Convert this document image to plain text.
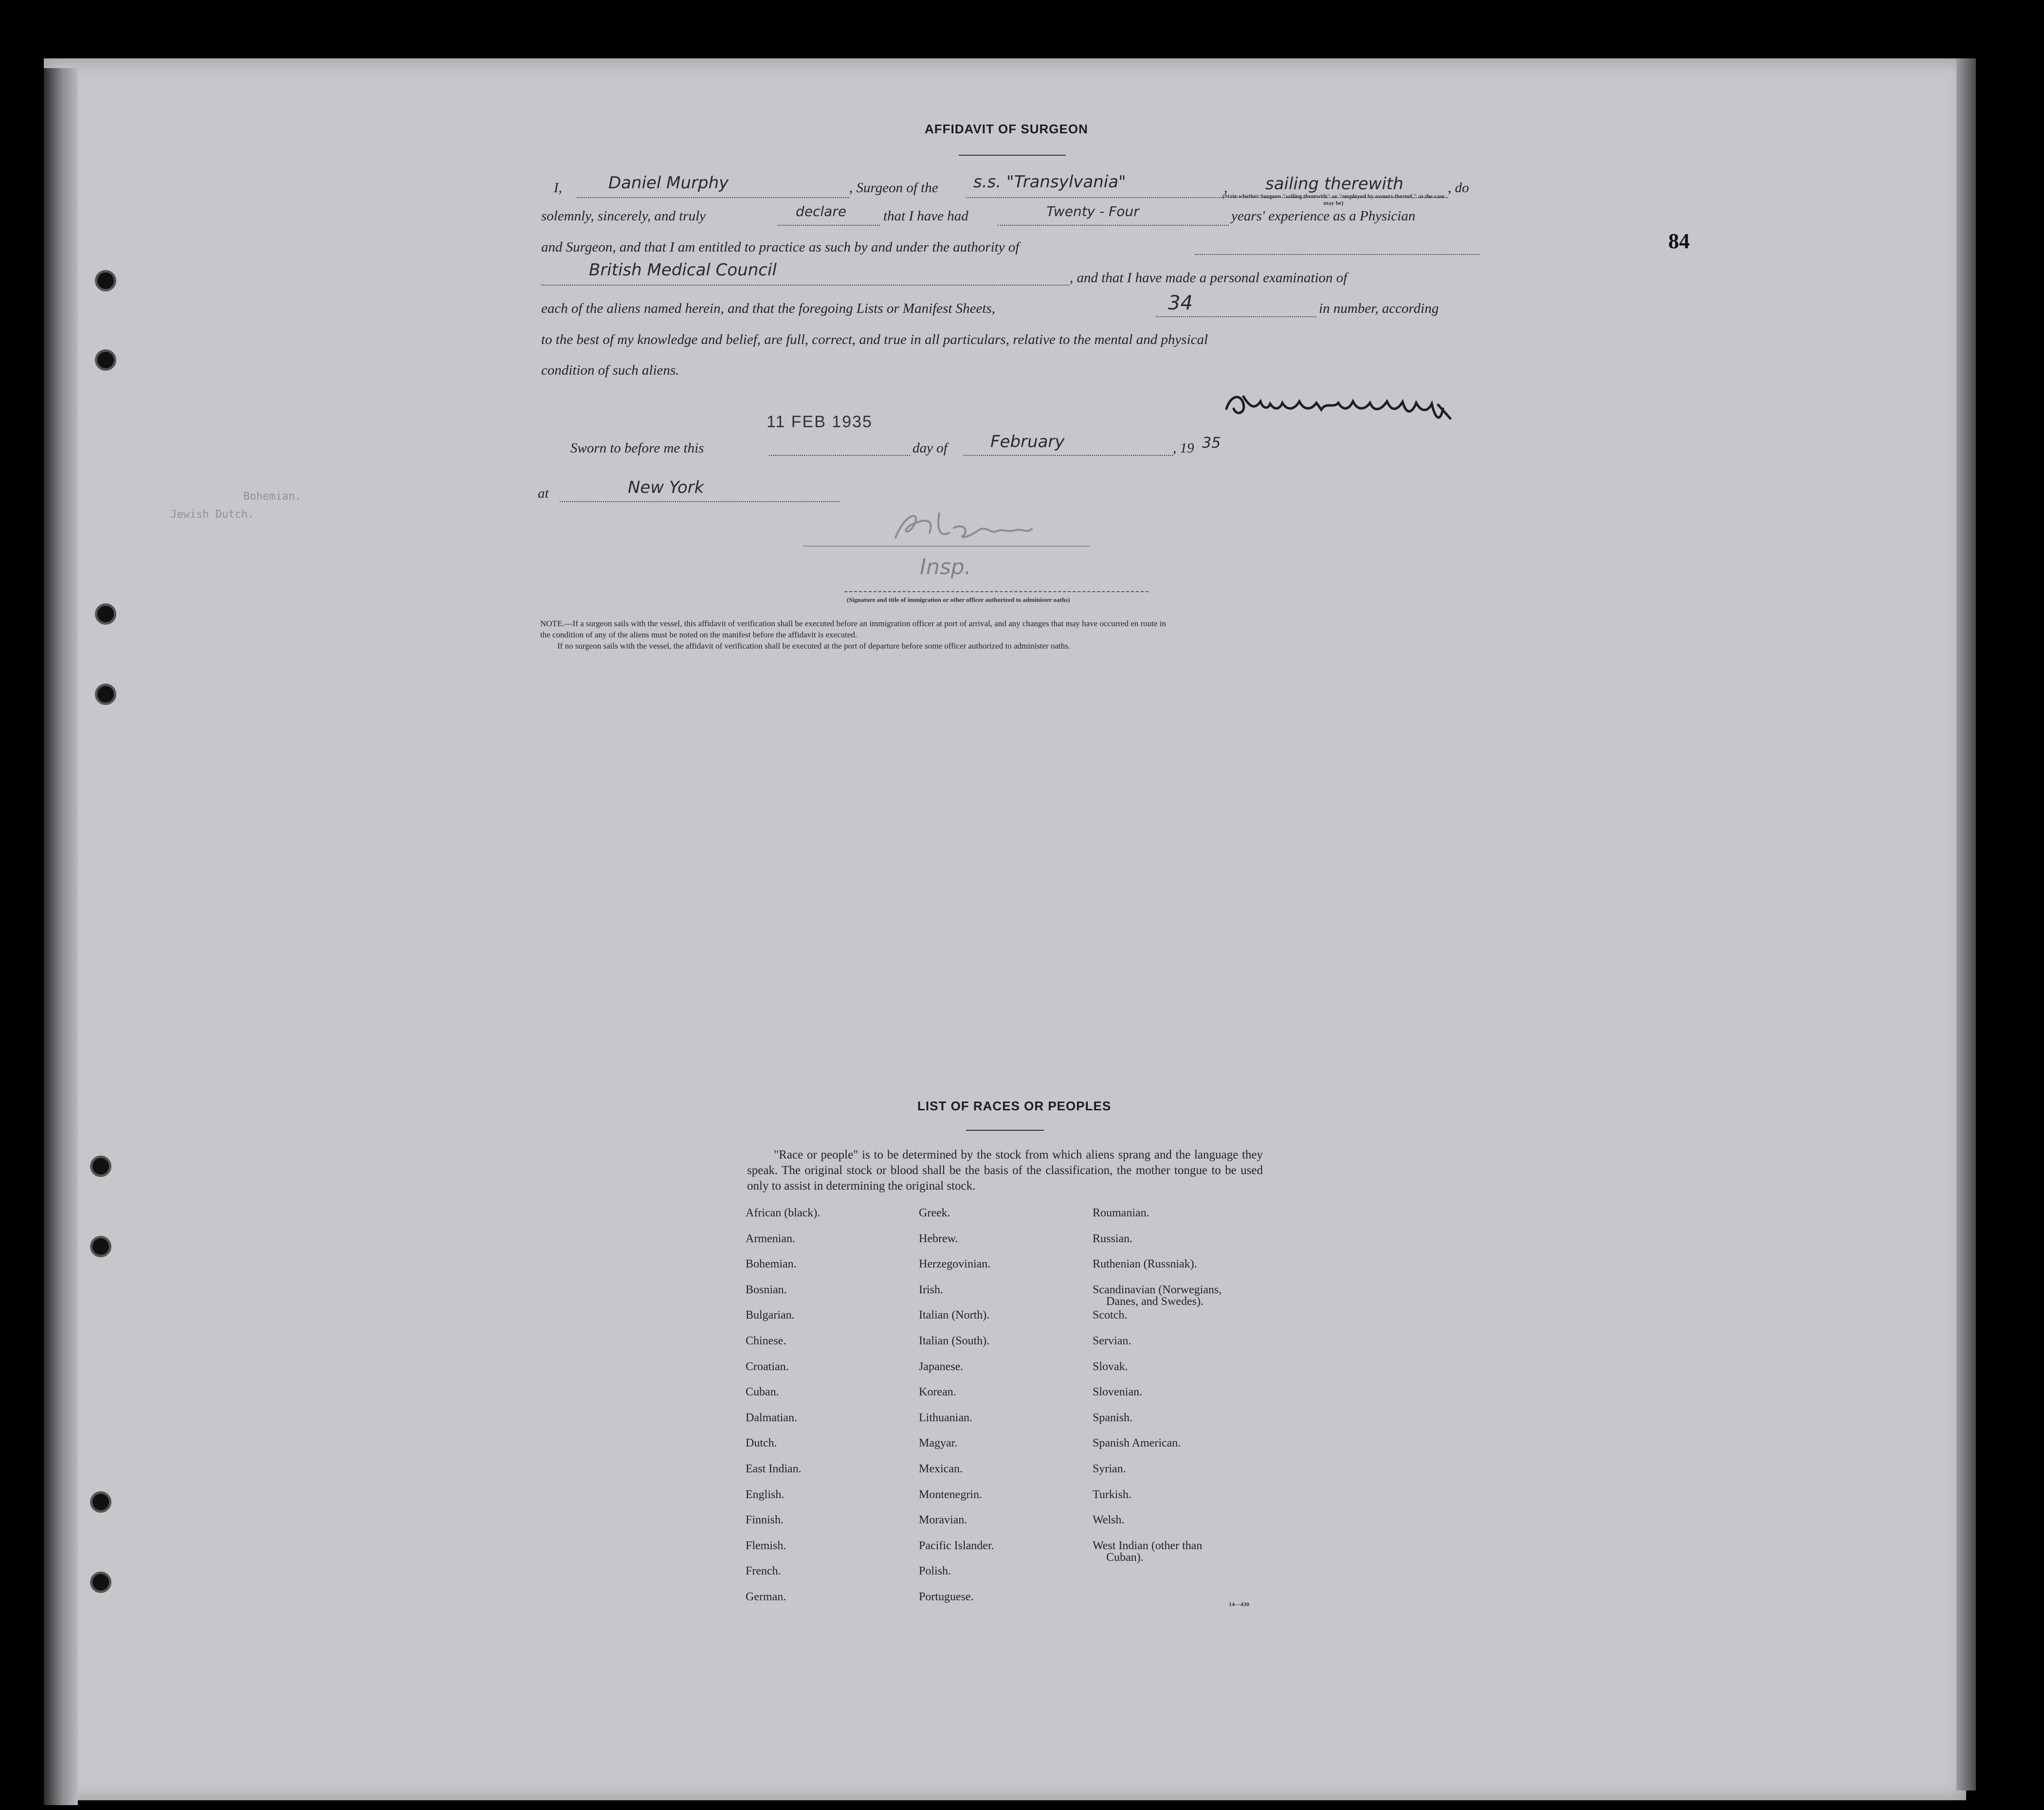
84
Bohemian.
Jewish Dutch.
AFFIDAVIT OF SURGEON
I,	Daniel Murphy	, Surgeon of the s.s. "Transylvania"	, sailing therewith	, do
(State whether Surgeon "sailing therewith" or "employed by owners thereof," as the case may be)
solemnly, sincerely, and truly	declare	that I have had	Twenty - Four	years' experience as a Physician
and Surgeon, and that I am entitled to practice as such by and under the authority of
British Medical Council	, and that I have made a personal examination of
each of the aliens named herein, and that the foregoing Lists or Manifest Sheets,	34	in number, according
to the best of my knowledge and belief, are full, correct, and true in all particulars, relative to the mental and physical
condition of such aliens.
11 FEB 1935
Sworn to before me this	day of	February	, 19 35
at	New York
Insp.
(Signature and title of immigration or other officer authorized to administer oaths)
NOTE.—If a surgeon sails with the vessel, this affidavit of verification shall be executed before an immigration officer at port of arrival, and any changes that may have occurred en route in
the condition of any of the aliens must be noted on the manifest before the affidavit is executed.
If no surgeon sails with the vessel, the affidavit of verification shall be executed at the port of departure before some officer authorized to administer oaths.
LIST OF RACES OR PEOPLES
"Race or people" is to be determined by the stock from which aliens sprang and the language they speak. The original stock or blood shall be the basis of the classification, the mother tongue to be used only to assist in determining the original stock.
African (black).
Armenian.
Bohemian.
Bosnian.
Bulgarian.
Chinese.
Croatian.
Cuban.
Dalmatian.
Dutch.
East Indian.
English.
Finnish.
Flemish.
French.
German.
Greek.
Hebrew.
Herzegovinian.
Irish.
Italian (North).
Italian (South).
Japanese.
Korean.
Lithuanian.
Magyar.
Mexican.
Montenegrin.
Moravian.
Pacific Islander.
Polish.
Portuguese.
Roumanian.
Russian.
Ruthenian (Russniak).
Scandinavian (Norwegians,
Danes, and Swedes).
Scotch.
Servian.
Slovak.
Slovenian.
Spanish.
Spanish American.
Syrian.
Turkish.
Welsh.
West Indian (other than
Cuban).
14—430
